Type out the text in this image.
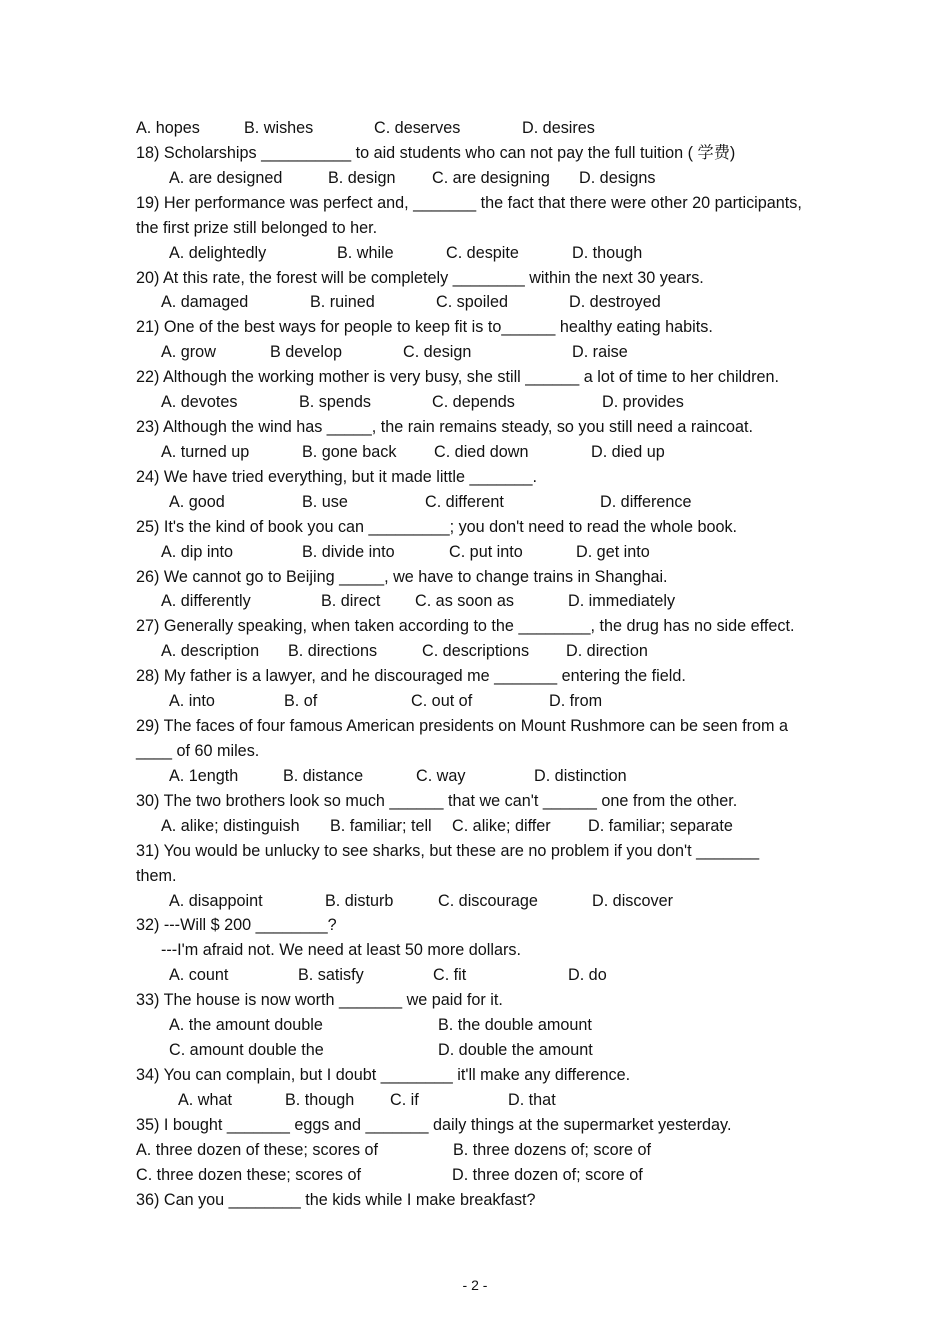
A. hopes	B. wishes	C. deserves	D. desires
18) Scholarships __________ to aid students who can not pay the full tuition ( 学费)
A. are designed	B. design C. are designing D. designs
19) Her performance was perfect and, _______ the fact that there were other 20 participants,
the first prize still belonged to her.
A. delightedly	B. while	C. despite	D. though
20) At this rate, the forest will be completely ________ within the next 30 years.
A. damaged	B. ruined	C. spoiled	D. destroyed
21) One of the best ways for people to keep fit is to______ healthy eating habits.
A. grow	B develop	C. design	D. raise
22) Although the working mother is very busy, she still ______ a lot of time to her children.
A. devotes	B. spends	C. depends	D. provides
23) Although the wind has _____, the rain remains steady, so you still need a raincoat.
A. turned up	B. gone back C. died down	D. died up
24) We have tried everything, but it made little _______.
A. good	B. use	C. different	D. difference
25) It's the kind of book you can _________; you don't need to read the whole book.
A. dip into	B. divide into	C. put into	D. get into
26) We cannot go to Beijing _____, we have to change trains in Shanghai.
A. differently	B. direct C. as soon as	D. immediately
27) Generally speaking, when taken according to the ________, the drug has no side effect.
A. description B. directions	C. descriptions D. direction
28) My father is a lawyer, and he discouraged me _______ entering the field.
A. into	B. of	C. out of	D. from
29) The faces of four famous American presidents on Mount Rushmore can be seen from a
____ of 60 miles.
A. 1ength	B. distance	C. way	D. distinction
30) The two brothers look so much ______ that we can't ______ one from the other.
A. alike; distinguish B. familiar; tell C. alike; differ D. familiar; separate
31) You would be unlucky to see sharks, but these are no problem if you don't _______
them.
A. disappoint	B. disturb	C. discourage	D. discover
32) ---Will $ 200 ________?
---I'm afraid not. We need at least 50 more dollars.
A. count	B. satisfy	C. fit	D. do
33) The house is now worth _______ we paid for it.
A. the amount double	B. the double amount
C. amount double the	D. double the amount
34) You can complain, but I doubt ________ it'll make any difference.
A. what	B. though C. if	D. that
35) I bought _______ eggs and _______ daily things at the supermarket yesterday.
A. three dozen of these; scores of	B. three dozens of; score of
C. three dozen these; scores of	D. three dozen of; score of
36) Can you ________ the kids while I make breakfast?
- 2 -
